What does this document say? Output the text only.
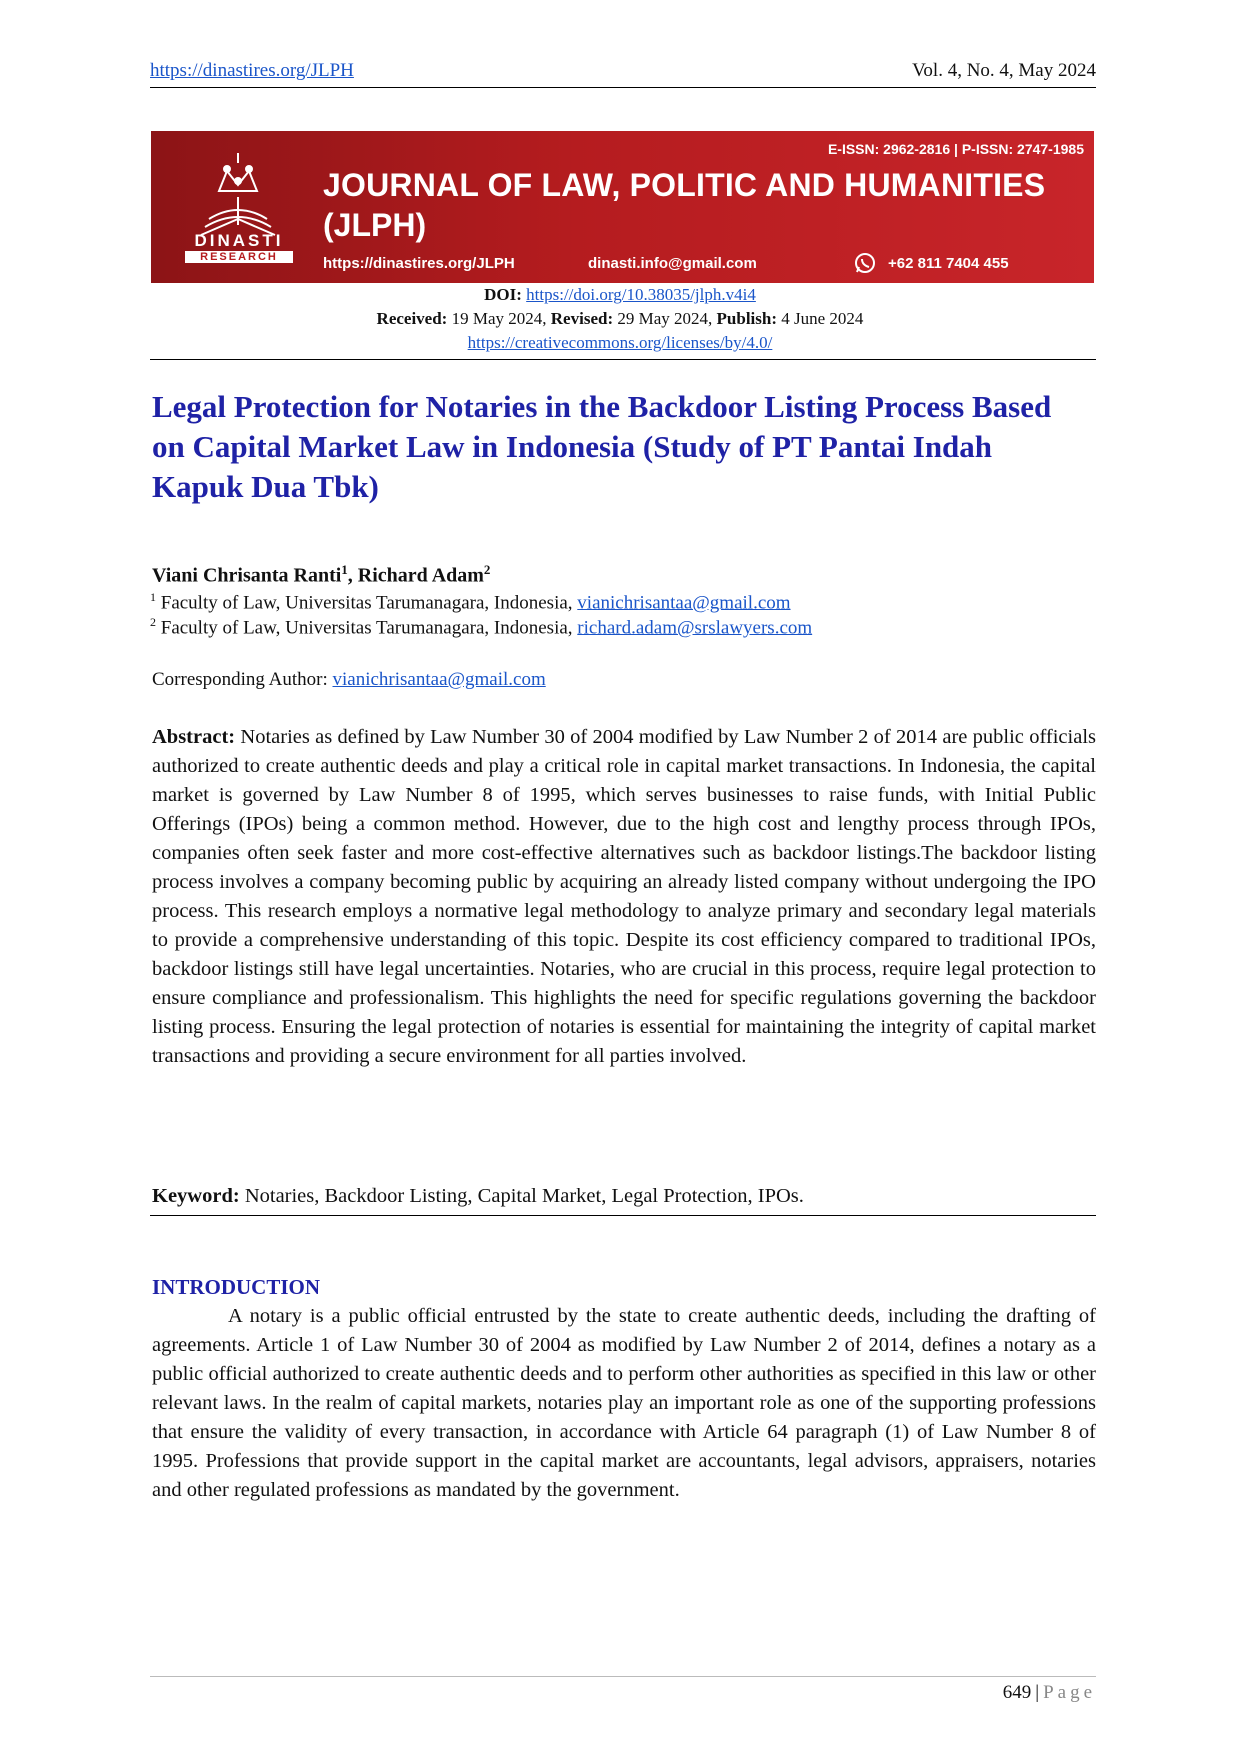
https://dinastires.org/JLPH	Vol. 4, No. 4, May 2024
DINASTI
RESEARCH
E-ISSN: 2962-2816 | P-ISSN: 2747-1985
JOURNAL OF LAW, POLITIC AND HUMANITIES
(JLPH)
https://dinastires.org/JLPH	dinasti.info@gmail.com	+62 811 7404 455
DOI: https://doi.org/10.38035/jlph.v4i4
Received: 19 May 2024, Revised: 29 May 2024, Publish: 4 June 2024
https://creativecommons.org/licenses/by/4.0/
Legal Protection for Notaries in the Backdoor Listing Process Based on Capital Market Law in Indonesia (Study of PT Pantai Indah Kapuk Dua Tbk)
Viani Chrisanta Ranti$^1$, Richard Adam$^2$
$^1$ Faculty of Law, Universitas Tarumanagara, Indonesia, vianichrisantaa@gmail.com
$^2$ Faculty of Law, Universitas Tarumanagara, Indonesia, richard.adam@srslawyers.com
Corresponding Author: vianichrisantaa@gmail.com

Abstract: Notaries as defined by Law Number 30 of 2004 modified by Law Number 2 of 2014 are public officials authorized to create authentic deeds and play a critical role in capital market transactions. In Indonesia, the capital market is governed by Law Number 8 of 1995, which serves businesses to raise funds, with Initial Public Offerings (IPOs) being a common method. However, due to the high cost and lengthy process through IPOs, companies often seek faster and more cost-effective alternatives such as backdoor listings.The backdoor listing process involves a company becoming public by acquiring an already listed company without undergoing the IPO process. This research employs a normative legal methodology to analyze primary and secondary legal materials to provide a comprehensive understanding of this topic. Despite its cost efficiency compared to traditional IPOs, backdoor listings still have legal uncertainties. Notaries, who are crucial in this process, require legal protection to ensure compliance and professionalism. This highlights the need for specific regulations governing the backdoor listing process. Ensuring the legal protection of notaries is essential for maintaining the integrity of capital market transactions and providing a secure environment for all parties involved.

Keyword: Notaries, Backdoor Listing, Capital Market, Legal Protection, IPOs.
INTRODUCTION

A notary is a public official entrusted by the state to create authentic deeds, including the drafting of agreements. Article 1 of Law Number 30 of 2004 as modified by Law Number 2 of 2014, defines a notary as a public official authorized to create authentic deeds and to perform other authorities as specified in this law or other relevant laws. In the realm of capital markets, notaries play an important role as one of the supporting professions that ensure the validity of every transaction, in accordance with Article 64 paragraph (1) of Law Number 8 of 1995. Professions that provide support in the capital market are accountants, legal advisors, appraisers, notaries and other regulated professions as mandated by the government.

649 | Page
